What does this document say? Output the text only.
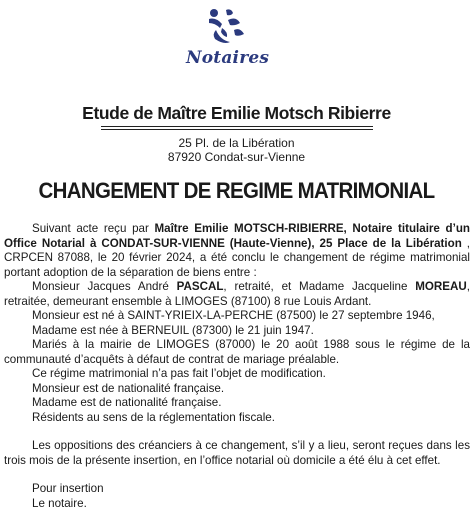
Notaires
Etude de Maître Emilie Motsch Ribierre
25 Pl. de la Libération
87920 Condat-sur-Vienne
CHANGEMENT DE REGIME MATRIMONIAL

Suivant acte reçu par Maître Emilie MOTSCH-RIBIERRE, Notaire titulaire d’un Office Notarial à CONDAT-SUR-VIENNE (Haute-Vienne), 25 Place de la Libération , CRPCEN 87088, le 20 février 2024, a été conclu le changement de régime matrimonial portant adoption de la séparation de biens entre :

Monsieur Jacques André PASCAL, retraité, et Madame Jacqueline MOREAU, retraitée, demeurant ensemble à LIMOGES (87100) 8 rue Louis Ardant.

Monsieur est né à SAINT-YRIEIX-LA-PERCHE (87500) le 27 septembre 1946,

Madame est née à BERNEUIL (87300) le 21 juin 1947.

Mariés à la mairie de LIMOGES (87000) le 20 août 1988 sous le régime de la communauté d’acquêts à défaut de contrat de mariage préalable.

Ce régime matrimonial n’a pas fait l’objet de modification.

Monsieur est de nationalité française.

Madame est de nationalité française.

Résidents au sens de la réglementation fiscale.

Les oppositions des créanciers à ce changement, s’il y a lieu, seront reçues dans les trois mois de la présente insertion, en l’office notarial où domicile a été élu à cet effet.

Pour insertion

Le notaire.
